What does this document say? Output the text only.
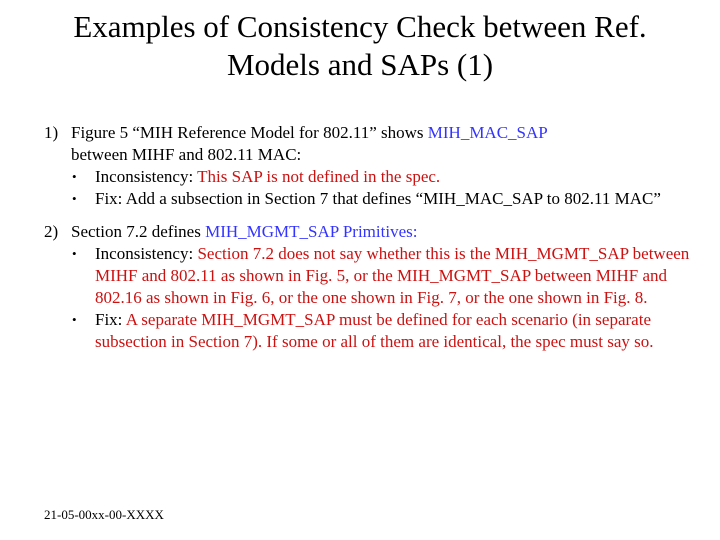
Examples of Consistency Check between Ref.
Models and SAPs (1)
1) Figure 5 “MIH Reference Model for 802.11” shows MIH_MAC_SAP
between MIHF and 802.11 MAC:
• Inconsistency: This SAP is not defined in the spec.
• Fix: Add a subsection in Section 7 that defines “MIH_MAC_SAP to 802.11 MAC”
2) Section 7.2 defines MIH_MGMT_SAP Primitives:
• Inconsistency: Section 7.2 does not say whether this is the MIH_MGMT_SAP between MIHF and 802.11 as shown in Fig. 5, or the MIH_MGMT_SAP between MIHF and 802.16 as shown in Fig. 6, or the one shown in Fig. 7, or the one shown in Fig. 8.
• Fix: A separate MIH_MGMT_SAP must be defined for each scenario (in separate subsection in Section 7). If some or all of them are identical, the spec must say so.
21-05-00xx-00-XXXX
